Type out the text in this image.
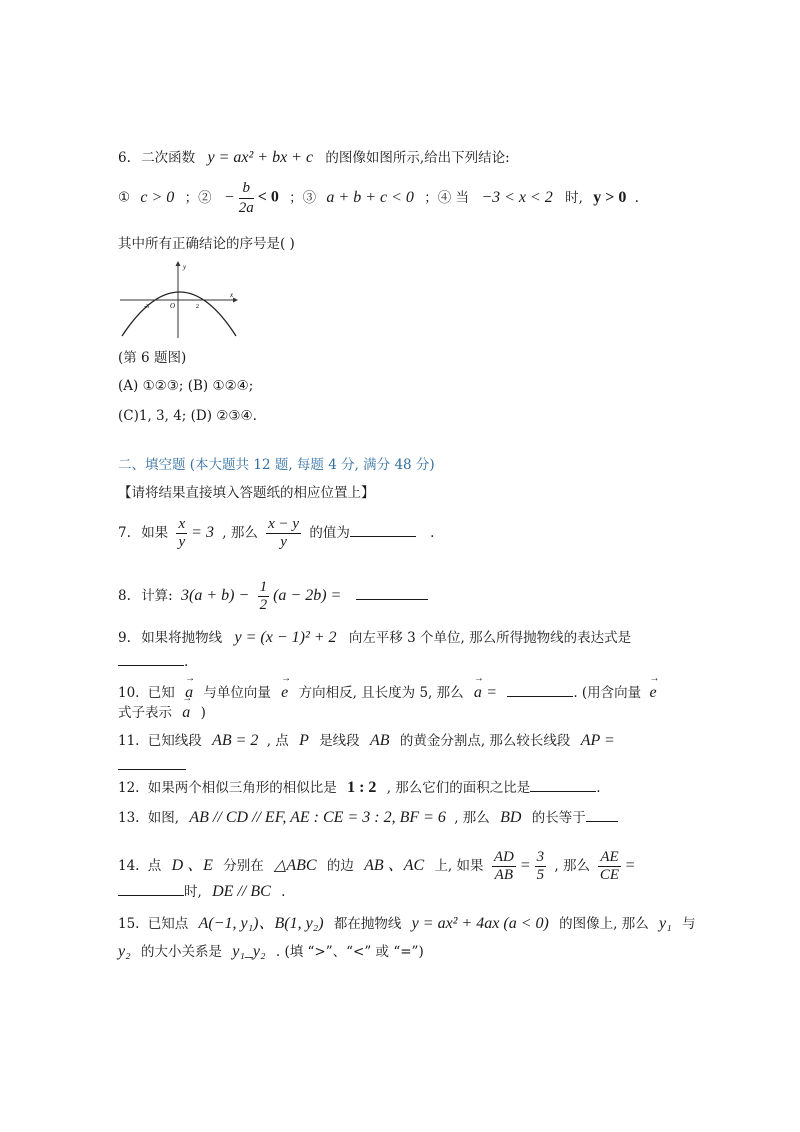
6. 二次函数 y = ax² + bx + c 的图像如图所示,给出下列结论:
① c > 0 ；② − $\frac{b}{2a} < 0$ ；③ a + b + c < 0 ；④ 当 −3 < x < 2 时, y > 0 .
其中所有正确结论的序号是( )
y
x
-3	O	2
(第 6 题图)
(A) ①②③; (B) ①②④;
(C)1, 3, 4; (D) ②③④.
二、填空题 (本大题共 12 题, 每题 4 分, 满分 48 分)
【请将结果直接填入答题纸的相应位置上】
7. 如果 $\frac{x}{y} = 3$ , 那么 $\frac{x - y}{y}$ 的值为	.
8. 计算: $3(a + b) - \frac{1}{2} (a - 2b)$ =
9. 如果将抛物线 y = (x − 1)² + 2 向左平移 3 个单位, 那么所得抛物线的表达式是
.
10. 已知 → a 与单位向量 → e 方向相反, 且长度为 5, 那么 → a =	. (用含向量 → e
式子表示 → a )
11. 已知线段 AB = 2 , 点 P 是线段 AB 的黄金分割点, 那么较长线段 AP =
12. 如果两个相似三角形的相似比是 1 : 2 , 那么它们的面积之比是	.
13. 如图, AB // CD // EF, AE : CE = 3 : 2, BF = 6 , 那么 BD 的长等于
14. 点 D 、E 分别在 △ABC 的边 AB 、AC 上, 如果 $\frac{AD}{AB} = \frac{3}{5}$ , 那么 $\frac{AE}{CE}$ =
时, DE // BC .
15. 已知点 A(−1, y₁)、B(1, y₂) 都在抛物线 y = ax² + 4ax (a < 0) 的图像上, 那么 y₁ 与
y₂ 的大小关系是 y₁_y₂ . (填 “>”、“<” 或 “=”)
